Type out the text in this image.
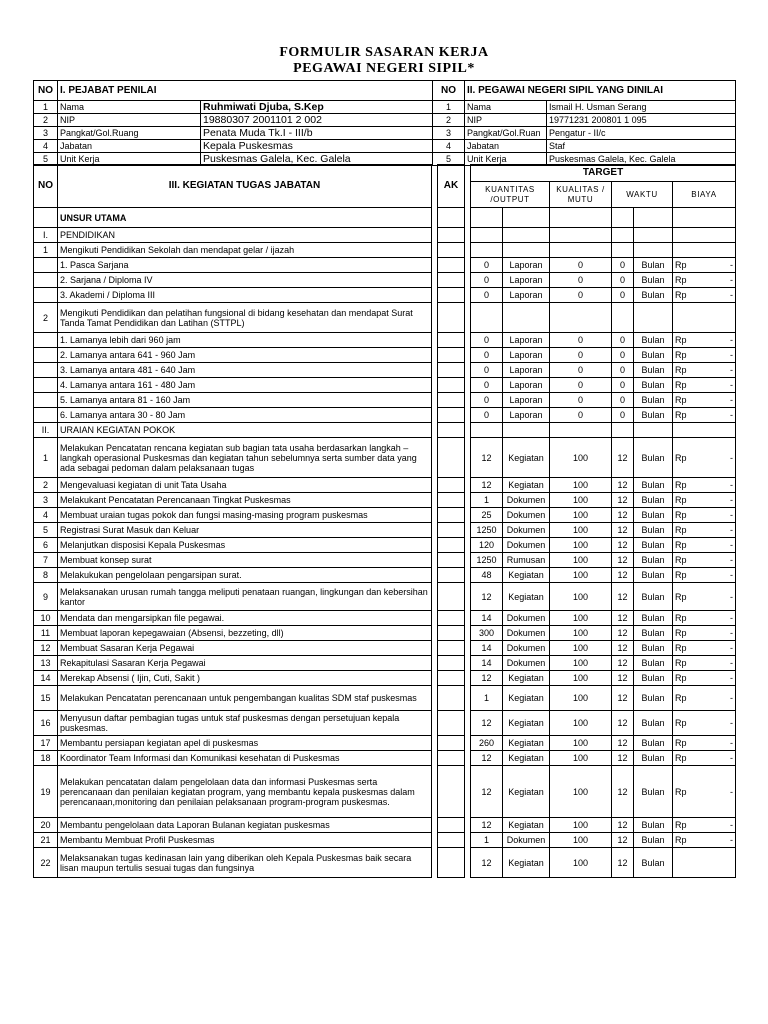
FORMULIR SASARAN KERJA
PEGAWAI NEGERI SIPIL*
NO	I. PEJABAT PENILAI		NO	II. PEGAWAI NEGERI SIPIL YANG DINILAI	
1	Nama	Ruhmiwati Djuba, S.Kep	1	Nama	Ismail H. Usman Serang
2	NIP	19880307 2001101 2 002	2	NIP	19771231 200801 1 095
3	Pangkat/Gol.Ruang	Penata Muda Tk.I - III/b	3	Pangkat/Gol.Ruan	Pengatur - II/c
4	Jabatan	Kepala Puskesmas	4	Jabatan	Staf
5	Unit Kerja	Puskesmas Galela, Kec. Galela	5	Unit Kerja	Puskesmas Galela, Kec. Galela
NO	III. KEGIATAN TUGAS JABATAN		AK		TARGET					
					KUANTITAS /OUTPUT		KUALITAS / MUTU	WAKTU		BIAYA
	UNSUR UTAMA									
I.	PENDIDIKAN									
1	Mengikuti Pendidikan Sekolah dan mendapat gelar / ijazah									
	1. Pasca Sarjana				0	Laporan	0	0	Bulan	Rp -

	2. Sarjana / Diploma IV				0	Laporan	0	0	Bulan	Rp -

	3. Akademi / Diploma III				0	Laporan	0	0	Bulan	Rp -

2	Mengikuti Pendidikan dan pelatihan fungsional di bidang kesehatan dan mendapat Surat Tanda Tamat Pendidikan dan Latihan (STTPL)									
	1. Lamanya lebih dari 960 jam				0	Laporan	0	0	Bulan	Rp -

	2. Lamanya antara 641 - 960 Jam				0	Laporan	0	0	Bulan	Rp -

	3. Lamanya antara 481 - 640 Jam				0	Laporan	0	0	Bulan	Rp -

	4. Lamanya antara 161 - 480 Jam				0	Laporan	0	0	Bulan	Rp -

	5. Lamanya antara 81 - 160 Jam				0	Laporan	0	0	Bulan	Rp -

	6. Lamanya antara 30 - 80 Jam				0	Laporan	0	0	Bulan	Rp -

II.	URAIAN KEGIATAN POKOK									
1	Melakukan Pencatatan rencana kegiatan sub bagian tata usaha berdasarkan langkah – langkah operasional Puskesmas dan kegiatan tahun sebelumnya serta sumber data yang ada sebagai pedoman dalam pelaksanaan tugas				12	Kegiatan	100	12	Bulan	Rp -

2	Mengevaluasi kegiatan di unit Tata Usaha				12	Kegiatan	100	12	Bulan	Rp -

3	Melakukant Pencatatan Perencanaan Tingkat Puskesmas				1	Dokumen	100	12	Bulan	Rp -

4	Membuat uraian tugas pokok dan fungsi masing-masing program puskesmas				25	Dokumen	100	12	Bulan	Rp -

5	Registrasi Surat Masuk dan Keluar				1250	Dokumen	100	12	Bulan	Rp -

6	Melanjutkan disposisi Kepala Puskesmas				120	Dokumen	100	12	Bulan	Rp -

7	Membuat konsep surat				1250	Rumusan	100	12	Bulan	Rp -

8	Melakukukan pengelolaan pengarsipan surat.				48	Kegiatan	100	12	Bulan	Rp -

9	Melaksanakan urusan rumah tangga meliputi penataan ruangan, lingkungan dan kebersihan kantor				12	Kegiatan	100	12	Bulan	Rp -

10	Mendata dan mengarsipkan file pegawai.				14	Dokumen	100	12	Bulan	Rp -

11	Membuat laporan kepegawaian (Absensi, bezzeting, dll)				300	Dokumen	100	12	Bulan	Rp -

12	Membuat Sasaran Kerja Pegawai				14	Dokumen	100	12	Bulan	Rp -

13	Rekapitulasi Sasaran Kerja Pegawai				14	Dokumen	100	12	Bulan	Rp -

14	Merekap Absensi ( Ijin, Cuti, Sakit )				12	Kegiatan	100	12	Bulan	Rp -

15	Melakukan Pencatatan perencanaan untuk pengembangan kualitas SDM staf puskesmas				1	Kegiatan	100	12	Bulan	Rp -

16	Menyusun daftar pembagian tugas untuk staf puskesmas dengan persetujuan kepala puskesmas.				12	Kegiatan	100	12	Bulan	Rp -

17	Membantu persiapan kegiatan apel di puskesmas				260	Kegiatan	100	12	Bulan	Rp -

18	Koordinator Team Informasi dan Komunikasi kesehatan di Puskesmas				12	Kegiatan	100	12	Bulan	Rp -

19	Melakukan pencatatan dalam pengelolaan data dan informasi Puskesmas serta perencanaan dan penilaian kegiatan program, yang membantu kepala puskesmas dalam perencanaan,monitoring dan penilaian pelaksanaan program-program puskesmas.				12	Kegiatan	100	12	Bulan	Rp -

20	Membantu pengelolaan data Laporan Bulanan kegiatan puskesmas				12	Kegiatan	100	12	Bulan	Rp -

21	Membantu Membuat Profil Puskesmas				1	Dokumen	100	12	Bulan	Rp -

22	Melaksanakan tugas kedinasan lain yang diberikan oleh Kepala Puskesmas baik secara lisan maupun tertulis sesuai tugas dan fungsinya				12	Kegiatan	100	12	Bulan	
